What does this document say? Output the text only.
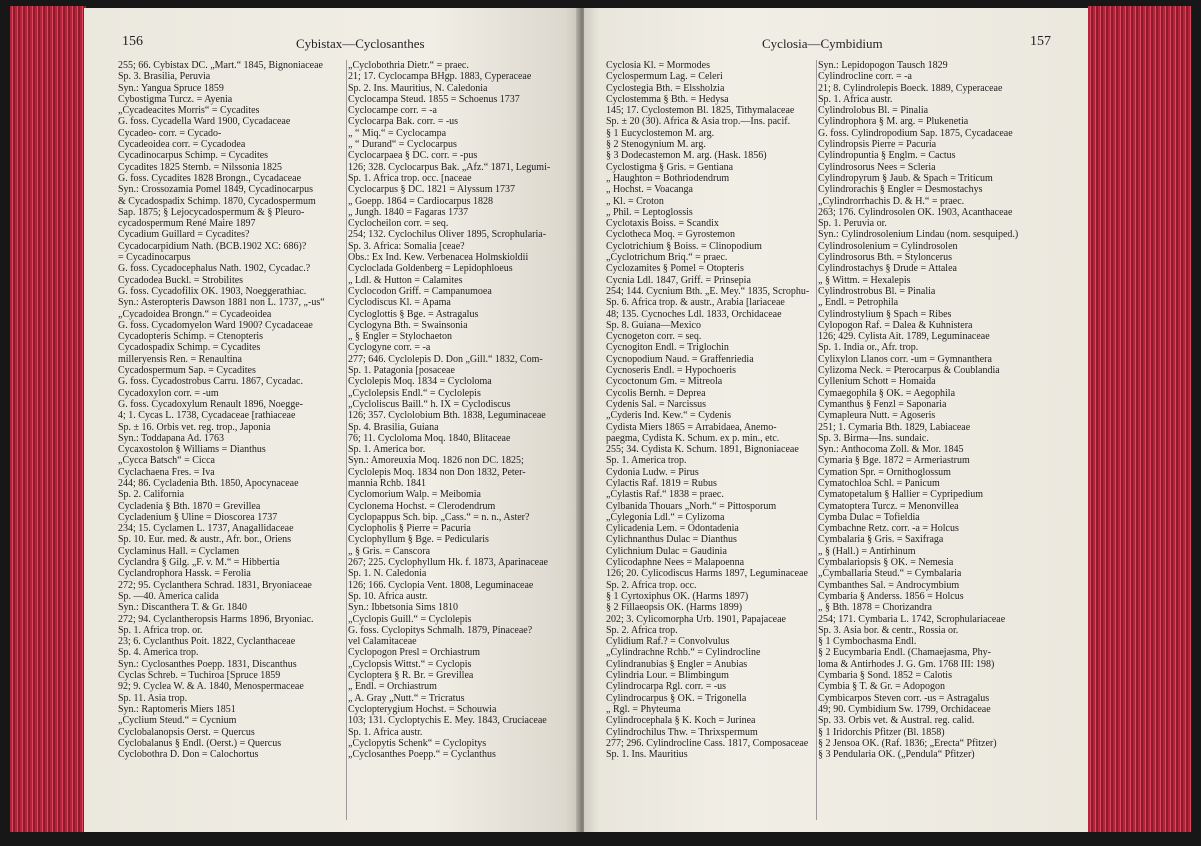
156	Cybistax—Cyclosanthes
255; 66. Cybistax DC. „Mart.“ 1845, Bignoniaceae
Sp. 3. Brasilia, Peruvia
Syn.: Yangua Spruce 1859
Cybostigma Turcz. = Ayenia
„Cycadeacites Morris“ = Cycadites
G. foss. Cycadella Ward 1900, Cycadaceae
Cycadeo- corr. = Cycado-
Cycadeoidea corr. = Cycadodea
Cycadinocarpus Schimp. = Cycadites
Cycadites 1825 Sternb. = Nilssonia 1825
G. foss. Cycadites 1828 Brongn., Cycadaceae
Syn.: Crossozamia Pomel 1849, Cycadinocarpus
& Cycadospadix Schimp. 1870, Cycadospermum
Sap. 1875; § Lejocycadospermum & § Pleuro-
cycadospermum René Maire 1897
Cycadium Guillard = Cycadites?
Cycadocarpidium Nath. (BCB.1902 XC: 686)?
= Cycadinocarpus
G. foss. Cycadocephalus Nath. 1902, Cycadac.?
Cycadodea Buckl. = Strobilites
G. foss. Cycadofilix OK. 1903, Noeggerathiac.
Syn.: Asteropteris Dawson 1881 non L. 1737, „-us“
„Cycadoidea Brongn.“ = Cycadeoidea
G. foss. Cycadomyelon Ward 1900? Cycadaceae
Cycadopteris Schimp. = Ctenopteris
Cycadospadix Schimp. = Cycadites
milleryensis Ren. = Renaultina
Cycadospermum Sap. = Cycadites
G. foss. Cycadostrobus Carru. 1867, Cycadac.
Cycadoxylon corr. = -um
G. foss. Cycadoxylum Renault 1896, Noegge-
4; 1. Cycas L. 1738, Cycadaceae [rathiaceae
Sp. ± 16. Orbis vet. reg. trop., Japonia
Syn.: Toddapana Ad. 1763
Cycaxostolon § Williams = Dianthus
„Cycca Batsch“ = Cicca
Cyclachaena Fres. = Iva
244; 86. Cycladenia Bth. 1850, Apocynaceae
Sp. 2. California
Cycladenia § Bth. 1870 = Grevillea
Cycladenium § Uline = Dioscorea 1737
234; 15. Cyclamen L. 1737, Anagallidaceae
Sp. 10. Eur. med. & austr., Afr. bor., Oriens
Cyclaminus Hall. = Cyclamen
Cyclandra § Gilg. „F. v. M.“ = Hibbertia
Cyclandrophora Hassk. = Ferolia
272; 95. Cyclanthera Schrad. 1831, Bryoniaceae
Sp. —40. America calida
Syn.: Discanthera T. & Gr. 1840
272; 94. Cyclantheropsis Harms 1896, Bryoniac.
Sp. 1. Africa trop. or.
23; 6. Cyclanthus Poit. 1822, Cyclanthaceae
Sp. 4. America trop.
Syn.: Cyclosanthes Poepp. 1831, Discanthus
Cyclas Schreb. = Tuchiroa [Spruce 1859
92; 9. Cyclea W. & A. 1840, Menospermaceae
Sp. 11. Asia trop.
Syn.: Raptomeris Miers 1851
„Cyclium Steud.“ = Cycnium
Cyclobalanopsis Oerst. = Quercus
Cyclobalanus § Endl. (Oerst.) = Quercus
Cyclobothra D. Don = Calochortus
„Cyclobothria Dietr.“ = praec.
21; 17. Cyclocampa BHgp. 1883, Cyperaceae
Sp. 2. Ins. Mauritius, N. Caledonia
Cyclocampa Steud. 1855 = Schoenus 1737
Cyclocampe corr. = -a
Cyclocarpa Bak. corr. = -us
„ “ Miq.“ = Cyclocampa
„ “ Durand“ = Cyclocarpus
Cyclocarpaea § DC. corr. = -pus
126; 328. Cyclocarpus Bak. „Afz.“ 1871, Legumi-
Sp. 1. Africa trop. occ. [naceae
Cyclocarpus § DC. 1821 = Alyssum 1737
„ Goepp. 1864 = Cardiocarpus 1828
„ Jungh. 1840 = Fagaras 1737
Cyclocheilon corr. = seq.
254; 132. Cyclochilus Oliver 1895, Scrophularia-
Sp. 3. Africa: Somalia [ceae?
Obs.: Ex Ind. Kew. Verbenacea Holmskioldii
Cycloclada Goldenberg = Lepidophloeus
„ Ldl. & Hutton = Calamites
Cyclocodon Griff. = Campanumoea
Cyclodiscus Kl. = Apama
Cycloglottis § Bge. = Astragalus
Cyclogyna Bth. = Swainsonia
„ § Engler = Stylochaeton
Cyclogyne corr. = -a
277; 646. Cyclolepis D. Don „Gill.“ 1832, Com-
Sp. 1. Patagonia [posaceae
Cyclolepis Moq. 1834 = Cycloloma
„Cyclolepsis Endl.“ = Cyclolepis
„Cycloliscus Baill.“ h. IX = Cyclodiscus
126; 357. Cyclolobium Bth. 1838, Leguminaceae
Sp. 4. Brasilia, Guiana
76; 11. Cycloloma Moq. 1840, Blitaceae
Sp. 1. America bor.
Syn.: Amoreuxia Moq. 1826 non DC. 1825;
Cyclolepis Moq. 1834 non Don 1832, Peter-
mannia Rchb. 1841
Cyclomorium Walp. = Meibomia
Cyclonema Hochst. = Clerodendrum
Cyclopappus Sch. bip. „Cass.“ = n. n., Aster?
Cyclopholis § Pierre = Pacuria
Cyclophyllum § Bge. = Pedicularis
„ § Gris. = Canscora
267; 225. Cyclophyllum Hk. f. 1873, Aparinaceae
Sp. 1. N. Caledonia
126; 166. Cyclopia Vent. 1808, Leguminaceae
Sp. 10. Africa austr.
Syn.: Ibbetsonia Sims 1810
„Cyclopis Guill.“ = Cyclolepis
G. foss. Cyclopitys Schmalh. 1879, Pinaceae?
vel Calamitaceae
Cyclopogon Presl = Orchiastrum
„Cyclopsis Wittst.“ = Cyclopis
Cycloptera § R. Br. = Grevillea
„ Endl. = Orchiastrum
„ A. Gray „Nutt.“ = Tricratus
Cyclopterygium Hochst. = Schouwia
103; 131. Cycloptychis E. Mey. 1843, Cruciaceae
Sp. 1. Africa austr.
„Cyclopytis Schenk“ = Cyclopitys
„Cyclosanthes Poepp.“ = Cyclanthus
Cyclosia—Cymbidium	157
Cyclosia Kl. = Mormodes
Cyclospermum Lag. = Celeri
Cyclostegia Bth. = Elssholzia
Cyclostemma § Bth. = Hedysa
145; 17. Cyclostemon Bl. 1825, Tithymalaceae
Sp. ± 20 (30). Africa & Asia trop.—Ins. pacif.
§ 1 Eucyclostemon M. arg.
§ 2 Stenogynium M. arg.
§ 3 Dodecastemon M. arg. (Hask. 1856)
Cyclostigma § Gris. = Gentiana
„ Haughton = Bothriodendrum
„ Hochst. = Voacanga
„ Kl. = Croton
„ Phil. = Leptoglossis
Cyclotaxis Boiss. = Scandix
Cyclotheca Moq. = Gyrostemon
Cyclotrichium § Boiss. = Clinopodium
„Cyclotrichum Briq.“ = praec.
Cyclozamites § Pomel = Otopteris
Cycnia Ldl. 1847, Griff. = Prinsepia
254; 144. Cycnium Bth. „E. Mey.“ 1835, Scrophu-
Sp. 6. Africa trop. & austr., Arabia [lariaceae
48; 135. Cycnoches Ldl. 1833, Orchidaceae
Sp. 8. Guiana—Mexico
Cycnogeton corr. = seq.
Cycnogiton Endl. = Triglochin
Cycnopodium Naud. = Graffenriedia
Cycnoseris Endl. = Hypochoeris
Cycoctonum Gm. = Mitreola
Cycolis Bernh. = Deprea
Cydenis Sal. = Narcissus
„Cyderis Ind. Kew.“ = Cydenis
Cydista Miers 1865 = Arrabidaea, Anemo-
paegma, Cydista K. Schum. ex p. min., etc.
255; 34. Cydista K. Schum. 1891, Bignoniaceae
Sp. 1. America trop.
Cydonia Ludw. = Pirus
Cylactis Raf. 1819 = Rubus
„Cylastis Raf.“ 1838 = praec.
Cylbanida Thouars „Norh.“ = Pittosporum
„Cylegonia Ldl.“ = Cylizoma
Cylicadenia Lem. = Odontadenia
Cylichnanthus Dulac = Dianthus
Cylichnium Dulac = Gaudinia
Cylicodaphne Nees = Malapoenna
126; 20. Cylicodiscus Harms 1897, Leguminaceae
Sp. 2. Africa trop. occ.
§ 1 Cyrtoxiphus OK. (Harms 1897)
§ 2 Fillaeopsis OK. (Harms 1899)
202; 3. Cylicomorpha Urb. 1901, Papajaceae
Sp. 2. Africa trop.
Cylidium Raf.? = Convolvulus
„Cylindrachne Rchb.“ = Cylindrocline
Cylindranubias § Engler = Anubias
Cylindria Lour. = Blimbingum
Cylindrocarpa Rgl. corr. = -us
Cylindrocarpus § OK. = Trigonella
„ Rgl. = Phyteuma
Cylindrocephala § K. Koch = Jurinea
Cylindrochilus Thw. = Thrixspermum
277; 296. Cylindrocline Cass. 1817, Composaceae
Sp. 1. Ins. Mauritius
Syn.: Lepidopogon Tausch 1829
Cylindrocline corr. = -a
21; 8. Cylindrolepis Boeck. 1889, Cyperaceae
Sp. 1. Africa austr.
Cylindrolobus Bl. = Pinalia
Cylindrophora § M. arg. = Plukenetia
G. foss. Cylindropodium Sap. 1875, Cycadaceae
Cylindropsis Pierre = Pacuria
Cylindropuntia § Englm. = Cactus
Cylindrosorus Nees = Scleria
Cylindropyrum § Jaub. & Spach = Triticum
Cylindrorachis § Engler = Desmostachys
„Cylindrorrhachis D. & H.“ = praec.
263; 176. Cylindrosolen OK. 1903, Acanthaceae
Sp. 1. Peruvia or.
Syn.: Cylindrosolenium Lindau (nom. sesquiped.)
Cylindrosolenium = Cylindrosolen
Cylindrosorus Bth. = Styloncerus
Cylindrostachys § Drude = Attalea
„ § Wittm. = Hexalepis
Cylindrostrobus Bl. = Pinalia
„ Endl. = Petrophila
Cylindrostylium § Spach = Ribes
Cylopogon Raf. = Dalea & Kuhnistera
126; 429. Cylista Ait. 1789, Leguminaceae
Sp. 1. India or., Afr. trop.
Cylixylon Llanos corr. -um = Gymnanthera
Cylizoma Neck. = Pterocarpus & Coublandia
Cyllenium Schott = Homaida
Cymaegophila § OK. = Aegophila
Cymanthus § Fenzl = Saponaria
Cymapleura Nutt. = Agoseris
251; 1. Cymaria Bth. 1829, Labiaceae
Sp. 3. Birma—Ins. sundaic.
Syn.: Anthocoma Zoll. & Mor. 1845
Cymaria § Bge. 1872 = Armeriastrum
Cymation Spr. = Ornithoglossum
Cymatochloa Schl. = Panicum
Cymatopetalum § Hallier = Cypripedium
Cymatoptera Turcz. = Menonvillea
Cymba Dulac = Tofieldia
Cymbachne Retz. corr. -a = Holcus
Cymbalaria § Gris. = Saxifraga
„ § (Hall.) = Antirhinum
Cymbalariopsis § OK. = Nemesia
„Cymballaria Steud.“ = Cymbalaria
Cymbanthes Sal. = Androcymbium
Cymbaria § Anderss. 1856 = Holcus
„ § Bth. 1878 = Chorizandra
254; 171. Cymbaria L. 1742, Scrophulariaceae
Sp. 3. Asia bor. & centr., Rossia or.
§ 1 Cymbochasma Endl.
§ 2 Eucymbaria Endl. (Chamaejasma, Phy-
loma & Antirhodes J. G. Gm. 1768 III: 198)
Cymbaria § Sond. 1852 = Calotis
Cymbia § T. & Gr. = Adopogon
Cymbicarpos Steven corr. -us = Astragalus
49; 90. Cymbidium Sw. 1799, Orchidaceae
Sp. 33. Orbis vet. & Austral. reg. calid.
§ 1 Iridorchis Pfitzer (Bl. 1858)
§ 2 Jensoa OK. (Raf. 1836; „Erecta“ Pfitzer)
§ 3 Pendularia OK. („Pendula“ Pfitzer)
